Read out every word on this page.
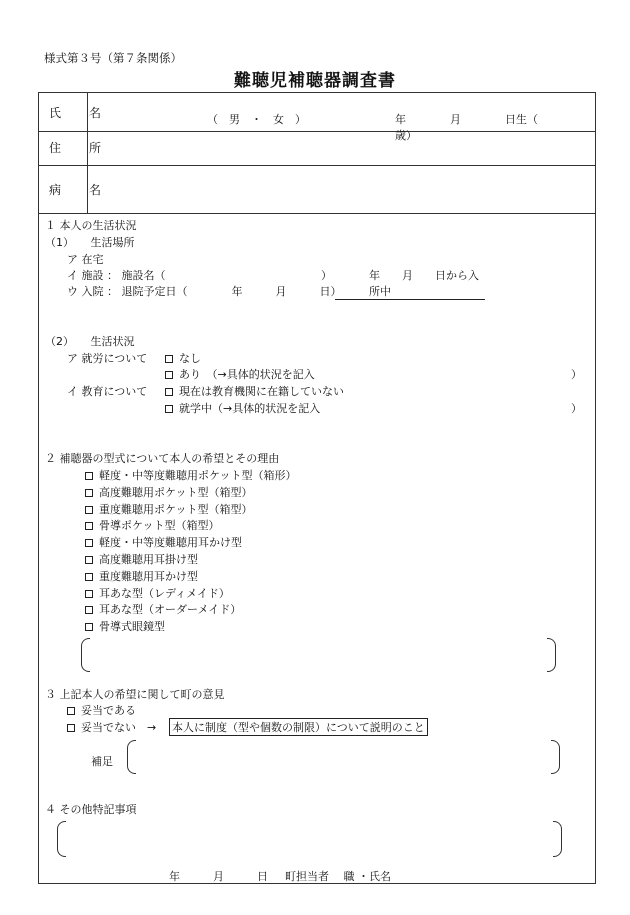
様式第３号（第７条関係）
難聴児補聴器調査書
氏　名	（　男　・　女　）	年　　　　月　　　　日生（　　　　　歳）
住　所
病　名
１ 本人の生活状況
（1）　　生活場所
ア 在宅
イ 施設 ： 施設名（	）	年　　月　　日から入所中
ウ 入院 ： 退院予定日（　　　　年　　　月　　　日）
（2）　　生活状況
ア 就労について	なし
あり　（→具体的状況を記入	）
イ 教育について	現在は教育機関に在籍していない
就学中（→具体的状況を記入	）
２ 補聴器の型式について本人の希望とその理由
軽度・中等度難聴用ポケット型（箱形）
高度難聴用ポケット型（箱型）
重度難聴用ポケット型（箱型）
骨導ポケット型（箱型）
軽度・中等度難聴用耳かけ型
高度難聴用耳掛け型
重度難聴用耳かけ型
耳あな型（レディメイド）
耳あな型（オーダーメイド）
骨導式眼鏡型
３ 上記本人の希望に関して町の意見
妥当である
妥当でない　→ 本人に制度（型や個数の制限）について説明のこと
補足
４ その他特記事項
年　　　月　　　日 町担当者　 職 ・氏名
